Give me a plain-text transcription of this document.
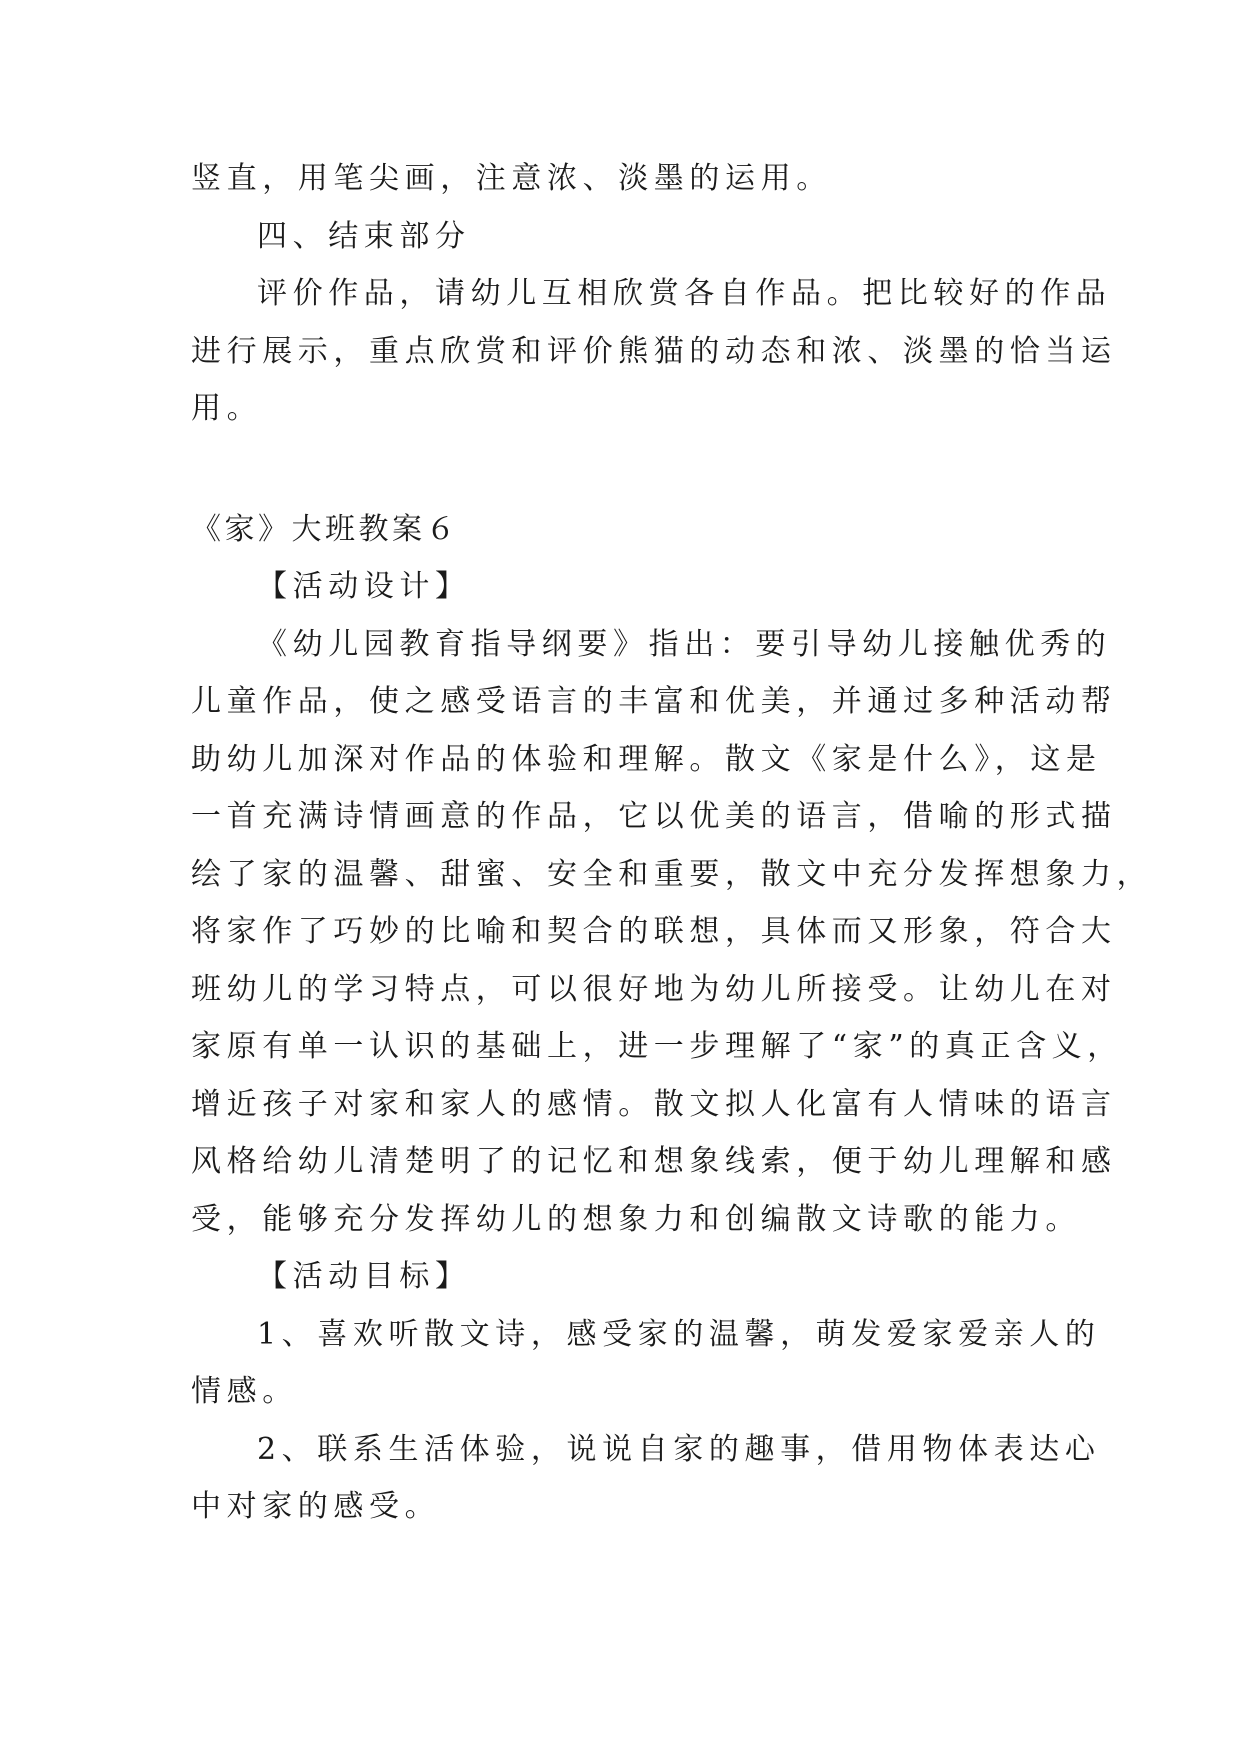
竖直，用笔尖画，注意浓、淡墨的运用。

四、结束部分

评价作品，请幼儿互相欣赏各自作品。把比较好的作品

进行展示，重点欣赏和评价熊猫的动态和浓、淡墨的恰当运

用。

《家》大班教案６

【活动设计】

《幼儿园教育指导纲要》指出：要引导幼儿接触优秀的

儿童作品，使之感受语言的丰富和优美，并通过多种活动帮

助幼儿加深对作品的体验和理解。散文《家是什么》，这是

一首充满诗情画意的作品，它以优美的语言，借喻的形式描

绘了家的温馨、甜蜜、安全和重要，散文中充分发挥想象力，

将家作了巧妙的比喻和契合的联想，具体而又形象，符合大

班幼儿的学习特点，可以很好地为幼儿所接受。让幼儿在对

家原有单一认识的基础上，进一步理解了“家”的真正含义，

增近孩子对家和家人的感情。散文拟人化富有人情味的语言

风格给幼儿清楚明了的记忆和想象线索，便于幼儿理解和感

受，能够充分发挥幼儿的想象力和创编散文诗歌的能力。

【活动目标】

1、喜欢听散文诗，感受家的温馨，萌发爱家爱亲人的

情感。

2、联系生活体验，说说自家的趣事，借用物体表达心

中对家的感受。
